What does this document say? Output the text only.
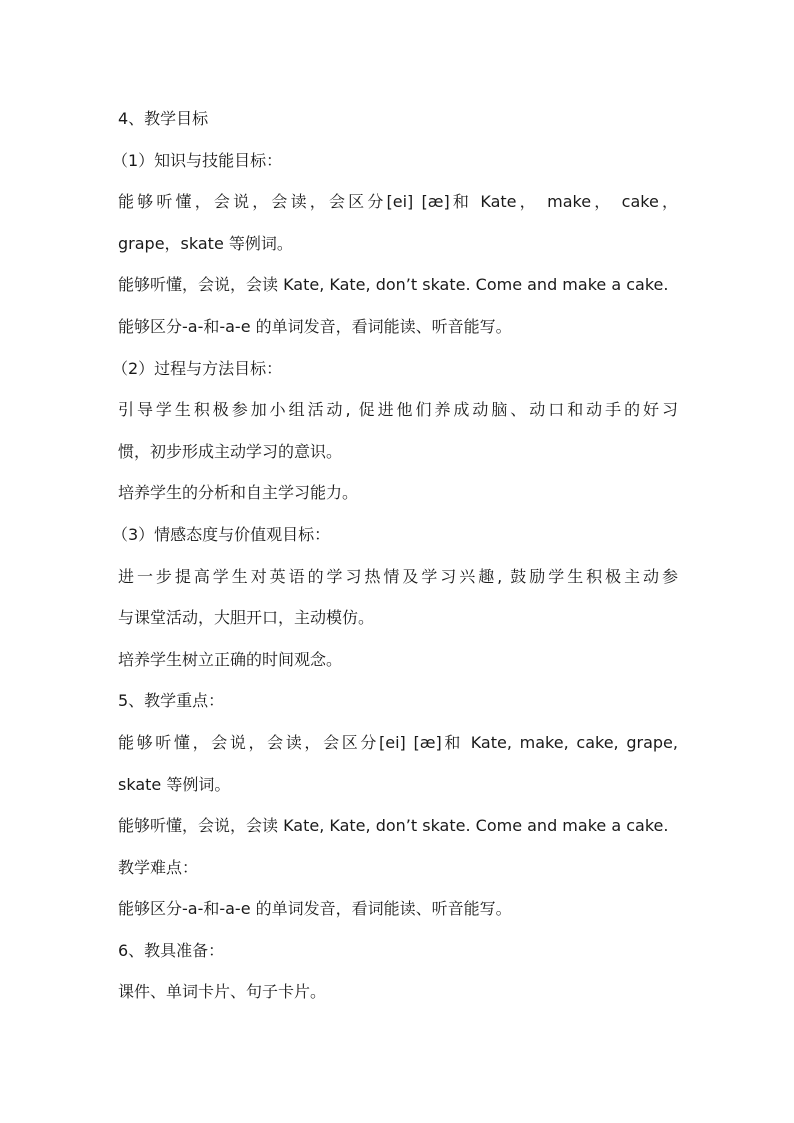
4、教学目标
（1）知识与技能目标：
能够听懂，会说，会读，会区分[ei] [æ]和 Kate， make， cake，
grape，skate 等例词。
能够听懂，会说，会读 Kate, Kate, don’t skate. Come and make a cake.
能够区分-a-和-a-e 的单词发音，看词能读、听音能写。
（2）过程与方法目标：
引导学生积极参加小组活动, 促进他们养成动脑、动口和动手的好习
惯，初步形成主动学习的意识。
培养学生的分析和自主学习能力。
（3）情感态度与价值观目标：
进一步提高学生对英语的学习热情及学习兴趣, 鼓励学生积极主动参
与课堂活动，大胆开口，主动模仿。
培养学生树立正确的时间观念。
5、教学重点：
能够听懂，会说，会读，会区分[ei] [æ]和 Kate, make, cake, grape,
skate 等例词。
能够听懂，会说，会读 Kate, Kate, don’t skate. Come and make a cake.
教学难点：
能够区分-a-和-a-e 的单词发音，看词能读、听音能写。
6、教具准备：
课件、单词卡片、句子卡片。
